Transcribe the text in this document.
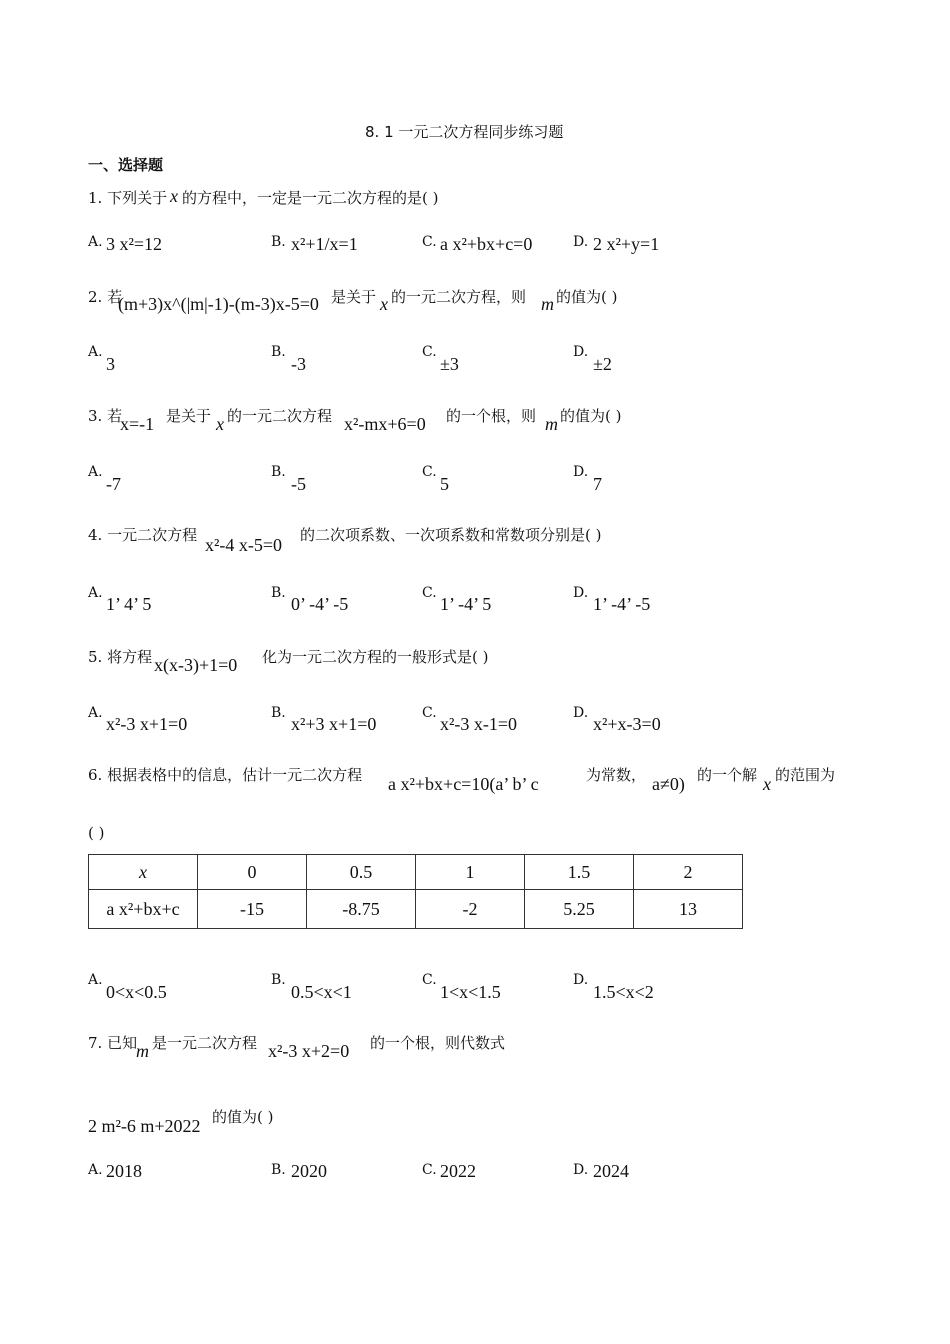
8. 1 一元二次方程同步练习题
一、选择题
1. 下列关于 x 的方程中，一定是一元二次方程的是( )
A. 3 x²=12	B. x²+1/x=1	C. a x²+bx+c=0	D. 2 x²+y=1
2. 若
(m+3)x^(|m|-1)-(m-3)x-5=0 是关于 x 的一元二次方程，则 m 的值为( )
A.
3
B.
-3
C.
±3
D.
±2
3. 若
x=-1 是关于 x 的一元二次方程 x²-mx+6=0 的一个根，则 m 的值为( )
A.
-7
B.
-5
C.
5
D.
7
4. 一元二次方程 x²-4 x-5=0 的二次项系数、一次项系数和常数项分别是( )
A.
1’ 4’ 5
B.
0’ -4’ -5
C.
1’ -4’ 5
D.
1’ -4’ -5
5. 将方程 x(x-3)+1=0 化为一元二次方程的一般形式是( )
A.
x²-3 x+1=0
B.
x²+3 x+1=0
C.
x²-3 x-1=0
D.
x²+x-3=0
6. 根据表格中的信息，估计一元二次方程 a x²+bx+c=10(a’ b’ c	为常数， a≠0) 的一个解 x 的范围为
( )
x	0	0.5	1	1.5	2
a x²+bx+c	-15	-8.75	-2	5.25	13
A.
0<x<0.5
B.
0.5<x<1
C.
1<x<1.5
D.
1.5<x<2
7. 已知
m 是一元二次方程 x²-3 x+2=0 的一个根，则代数式
2 m²-6 m+2022 的值为( )
A. 2018	B. 2020	C. 2022	D. 2024
